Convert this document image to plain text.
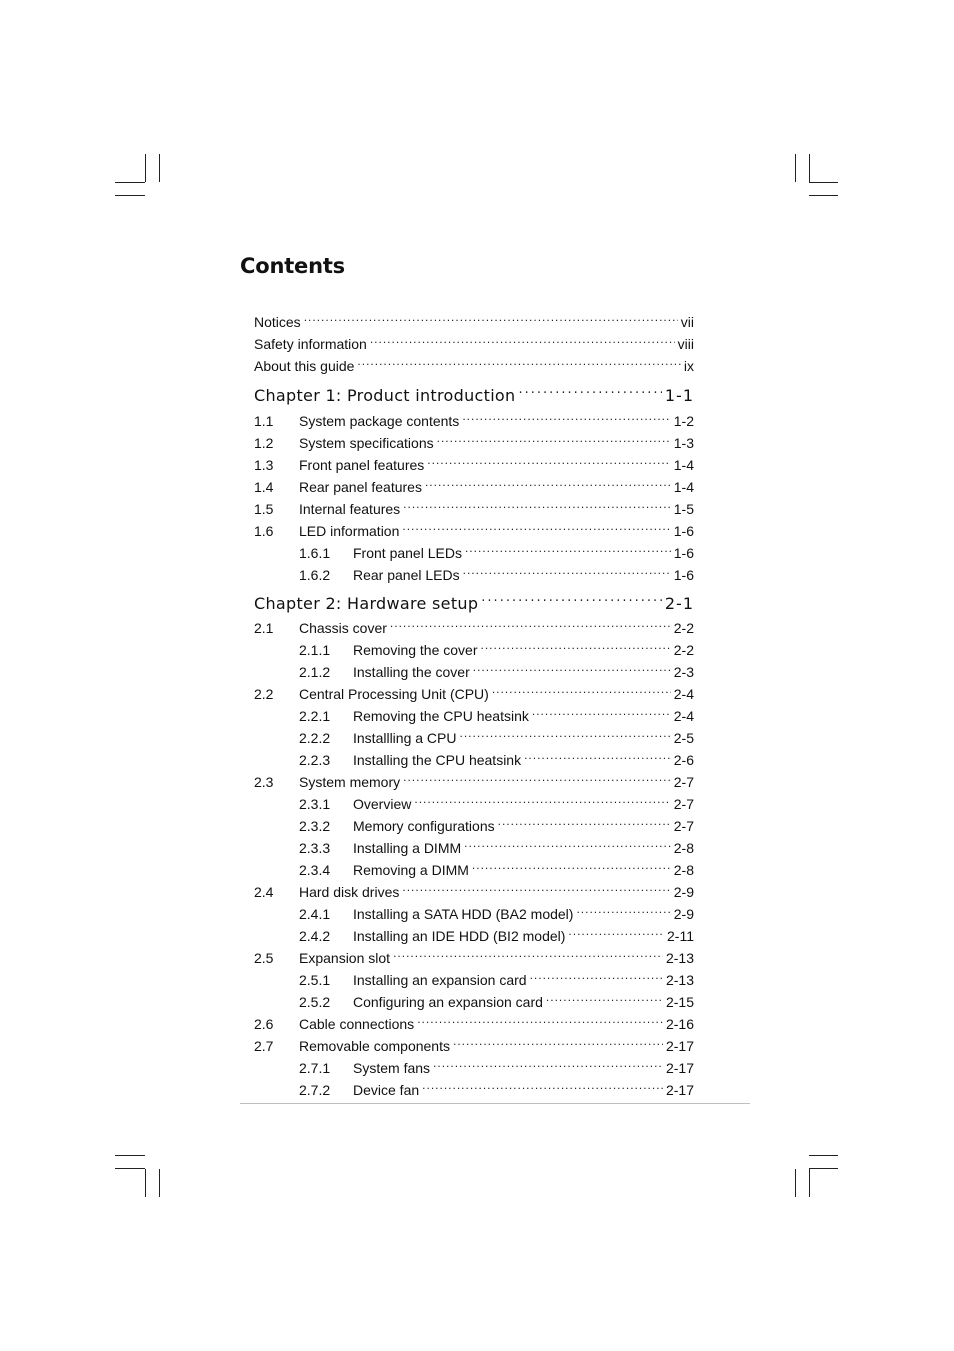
Contents
Notices .....	vii
Safety information .....	viii
About this guide .....	ix
Chapter 1: Product introduction .....	1-1
1.1	System package contents .....	1-2
1.2	System specifications .....	1-3
1.3	Front panel features .....	1-4
1.4	Rear panel features .....	1-4
1.5	Internal features .....	1-5
1.6	LED information .....	1-6
1.6.1	Front panel LEDs .....	1-6
1.6.2	Rear panel LEDs .....	1-6
Chapter 2: Hardware setup .....	2-1
2.1	Chassis cover .....	2-2
2.1.1	Removing the cover .....	2-2
2.1.2	Installing the cover .....	2-3
2.2	Central Processing Unit (CPU) .....	2-4
2.2.1	Removing the CPU heatsink .....	2-4
2.2.2	Installling a CPU .....	2-5
2.2.3	Installing the CPU heatsink .....	2-6
2.3	System memory .....	2-7
2.3.1	Overview .....	2-7
2.3.2	Memory configurations .....	2-7
2.3.3	Installing a DIMM .....	2-8
2.3.4	Removing a DIMM .....	2-8
2.4	Hard disk drives .....	2-9
2.4.1	Installing a SATA HDD (BA2 model) .....	2-9
2.4.2	Installing an IDE HDD (BI2 model) .....	2-11
2.5	Expansion slot .....	2-13
2.5.1	Installing an expansion card .....	2-13
2.5.2	Configuring an expansion card .....	2-15
2.6	Cable connections .....	2-16
2.7	Removable components .....	2-17
2.7.1	System fans .....	2-17
2.7.2	Device fan .....	2-17
